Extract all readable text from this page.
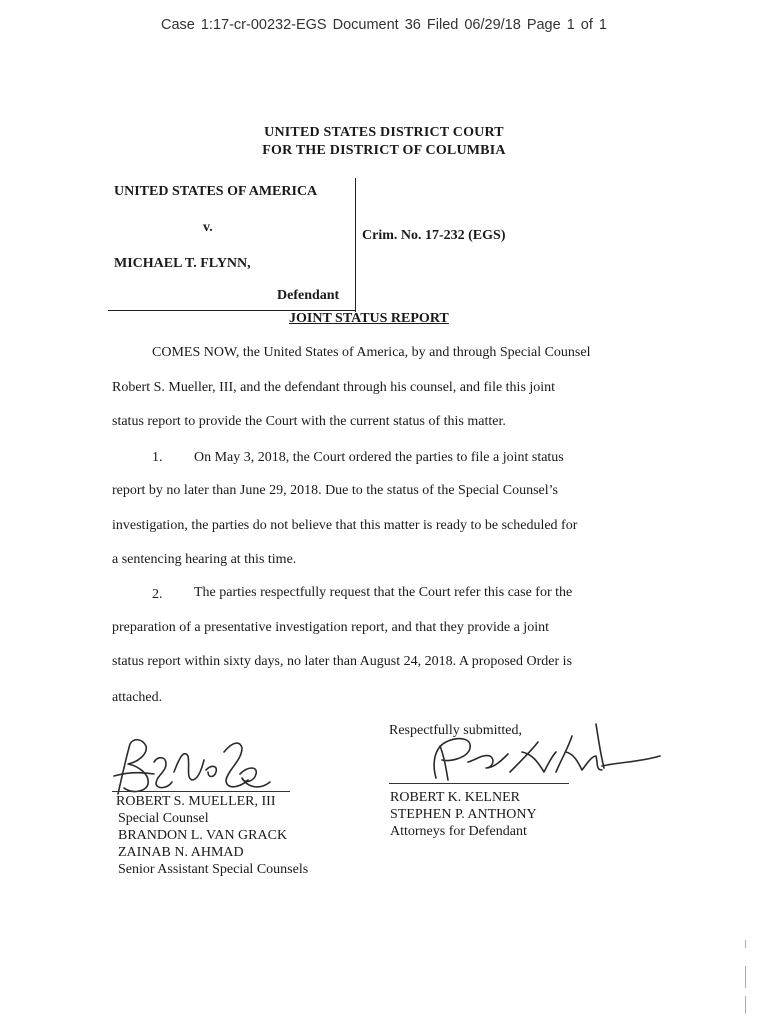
Case 1:17-cr-00232-EGS Document 36 Filed 06/29/18 Page 1 of 1
UNITED STATES DISTRICT COURT
FOR THE DISTRICT OF COLUMBIA
UNITED STATES OF AMERICA
v.
MICHAEL T. FLYNN,
Defendant
Crim. No. 17-232 (EGS)
JOINT STATUS REPORT
COMES NOW, the United States of America, by and through Special Counsel
Robert S. Mueller, III, and the defendant through his counsel, and file this joint
status report to provide the Court with the current status of this matter.
1. On May 3, 2018, the Court ordered the parties to file a joint status
report by no later than June 29, 2018. Due to the status of the Special Counsel’s
investigation, the parties do not believe that this matter is ready to be scheduled for
a sentencing hearing at this time.
2. The parties respectfully request that the Court refer this case for the
preparation of a presentative investigation report, and that they provide a joint
status report within sixty days, no later than August 24, 2018. A proposed Order is
attached.
Respectfully submitted,
ROBERT S. MUELLER, III
Special Counsel
BRANDON L. VAN GRACK
ZAINAB N. AHMAD
Senior Assistant Special Counsels
ROBERT K. KELNER
STEPHEN P. ANTHONY
Attorneys for Defendant
